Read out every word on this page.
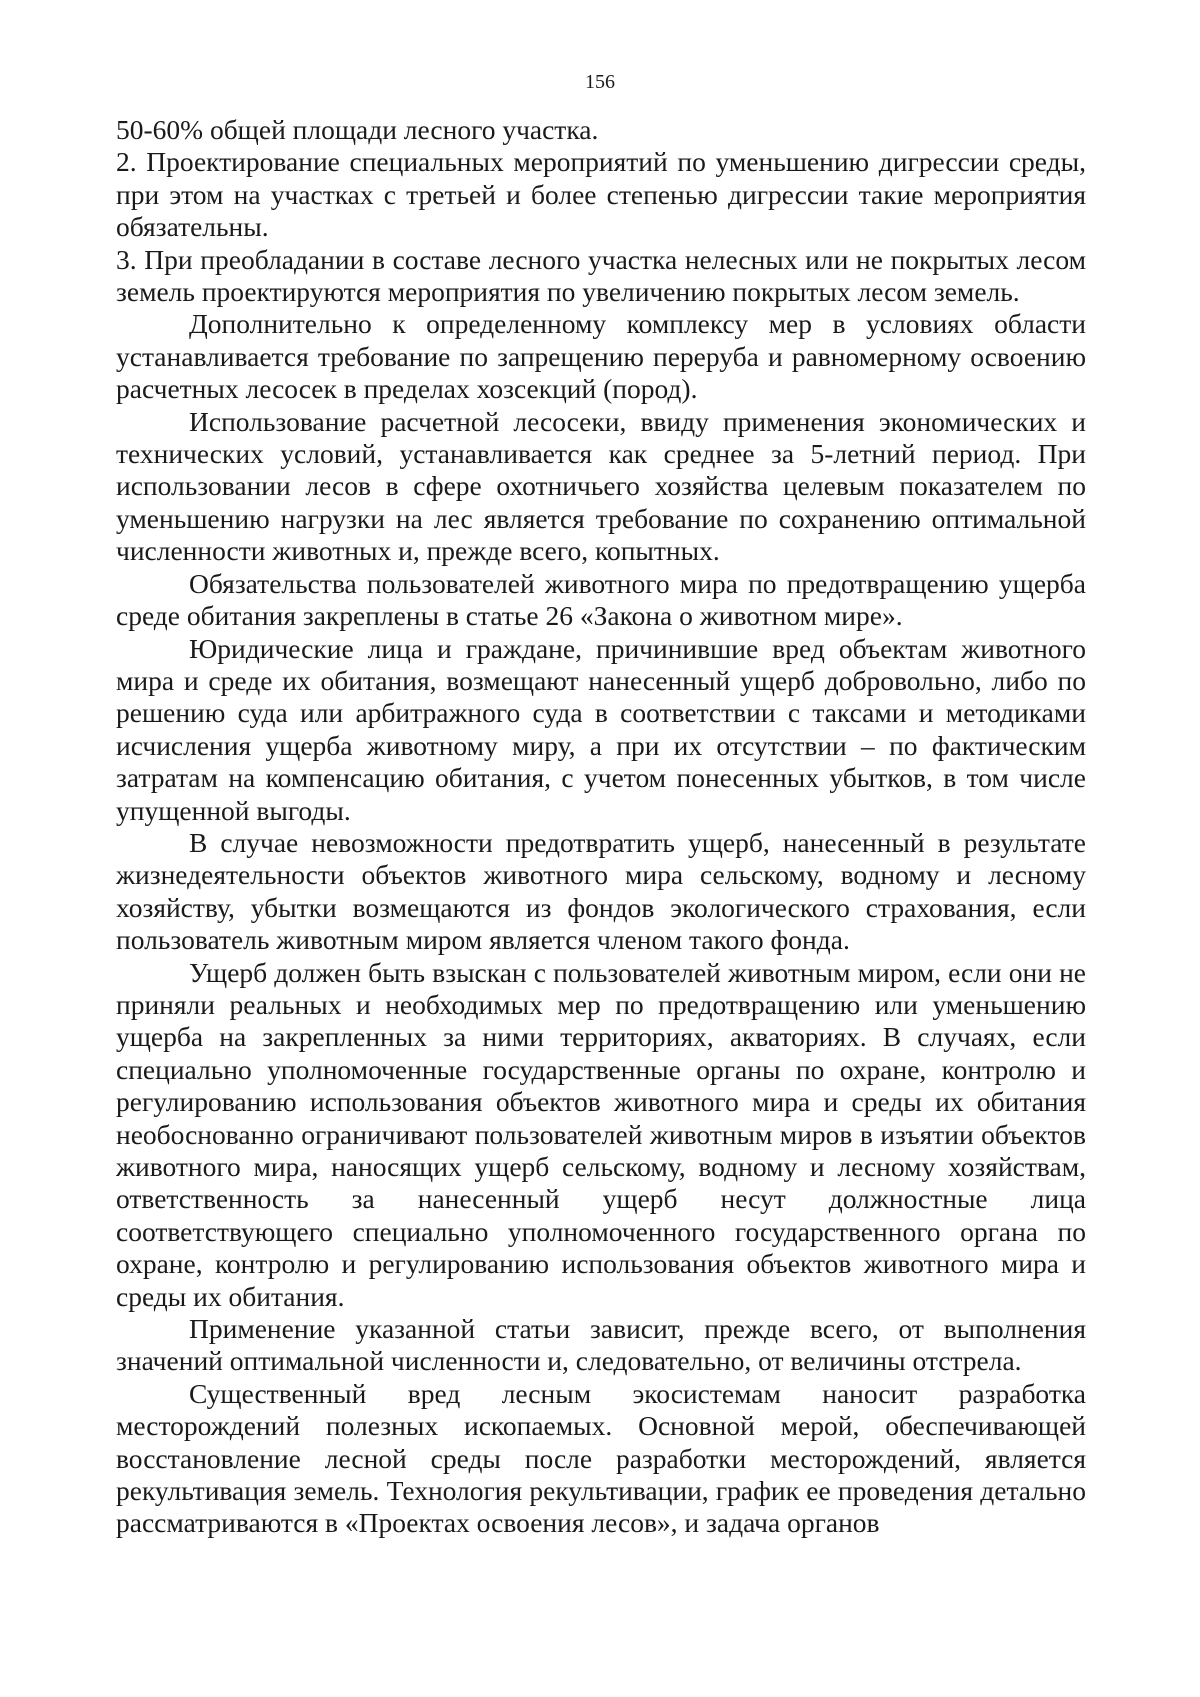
156

50-60% общей площади лесного участка.

2. Проектирование специальных мероприятий по уменьшению дигрессии среды, при этом на участках с третьей и более степенью дигрессии такие мероприятия обязательны.

3. При преобладании в составе лесного участка нелесных или не покрытых лесом земель проектируются мероприятия по увеличению покрытых лесом земель.

Дополнительно к определенному комплексу мер в условиях области устанавливается требование по запрещению переруба и равномерному освоению расчетных лесосек в пределах хозсекций (пород).

Использование расчетной лесосеки, ввиду применения экономических и технических условий, устанавливается как среднее за 5-летний период. При использовании лесов в сфере охотничьего хозяйства целевым показателем по уменьшению нагрузки на лес является требование по сохранению оптимальной численности животных и, прежде всего, копытных.

Обязательства пользователей животного мира по предотвращению ущерба среде обитания закреплены в статье 26 «Закона о животном мире».

Юридические лица и граждане, причинившие вред объектам животного мира и среде их обитания, возмещают нанесенный ущерб добровольно, либо по решению суда или арбитражного суда в соответствии с таксами и методиками исчисления ущерба животному миру, а при их отсутствии – по фактическим затратам на компенсацию обитания, с учетом понесенных убытков, в том числе упущенной выгоды.

В случае невозможности предотвратить ущерб, нанесенный в результате жизнедеятельности объектов животного мира сельскому, водному и лесному хозяйству, убытки возмещаются из фондов экологического страхования, если пользователь животным миром является членом такого фонда.

Ущерб должен быть взыскан с пользователей животным миром, если они не приняли реальных и необходимых мер по предотвращению или уменьшению ущерба на закрепленных за ними территориях, акваториях. В случаях, если специально уполномоченные государственные органы по охране, контролю и регулированию использования объектов животного мира и среды их обитания необоснованно ограничивают пользователей животным миров в изъятии объектов животного мира, наносящих ущерб сельскому, водному и лесному хозяйствам, ответственность за нанесенный ущерб несут должностные лица соответствующего специально уполномоченного государственного органа по охране, контролю и регулированию использования объектов животного мира и среды их обитания.

Применение указанной статьи зависит, прежде всего, от выполнения значений оптимальной численности и, следовательно, от величины отстрела.

Существенный вред лесным экосистемам наносит разработка месторождений полезных ископаемых. Основной мерой, обеспечивающей восстановление лесной среды после разработки месторождений, является рекультивация земель. Технология рекультивации, график ее проведения детально рассматриваются в «Проектах освоения лесов», и задача органов
